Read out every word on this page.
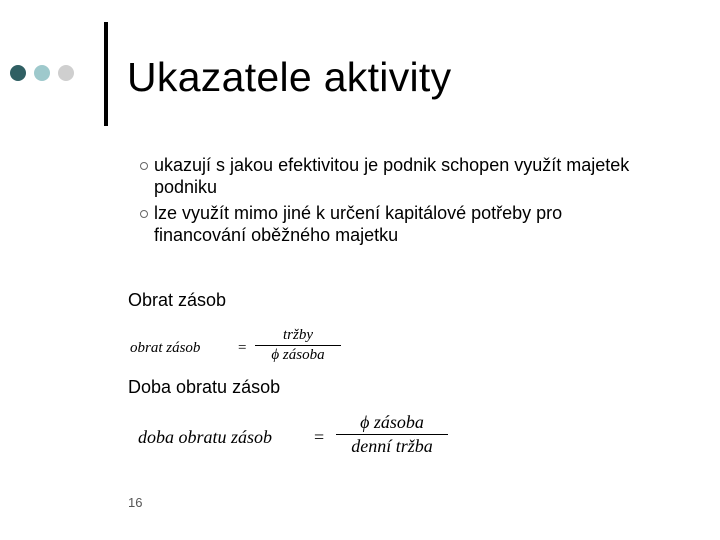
Ukazatele aktivity
ukazují s jakou efektivitou je podnik schopen využít majetek podniku
lze využít mimo jiné k určení kapitálové potřeby pro financování oběžného majetku
Obrat zásob
obrat zásob	=
tržby
ϕ zásoba
Doba obratu zásob
doba obratu zásob =
ϕ zásoba
denní tržba
16
